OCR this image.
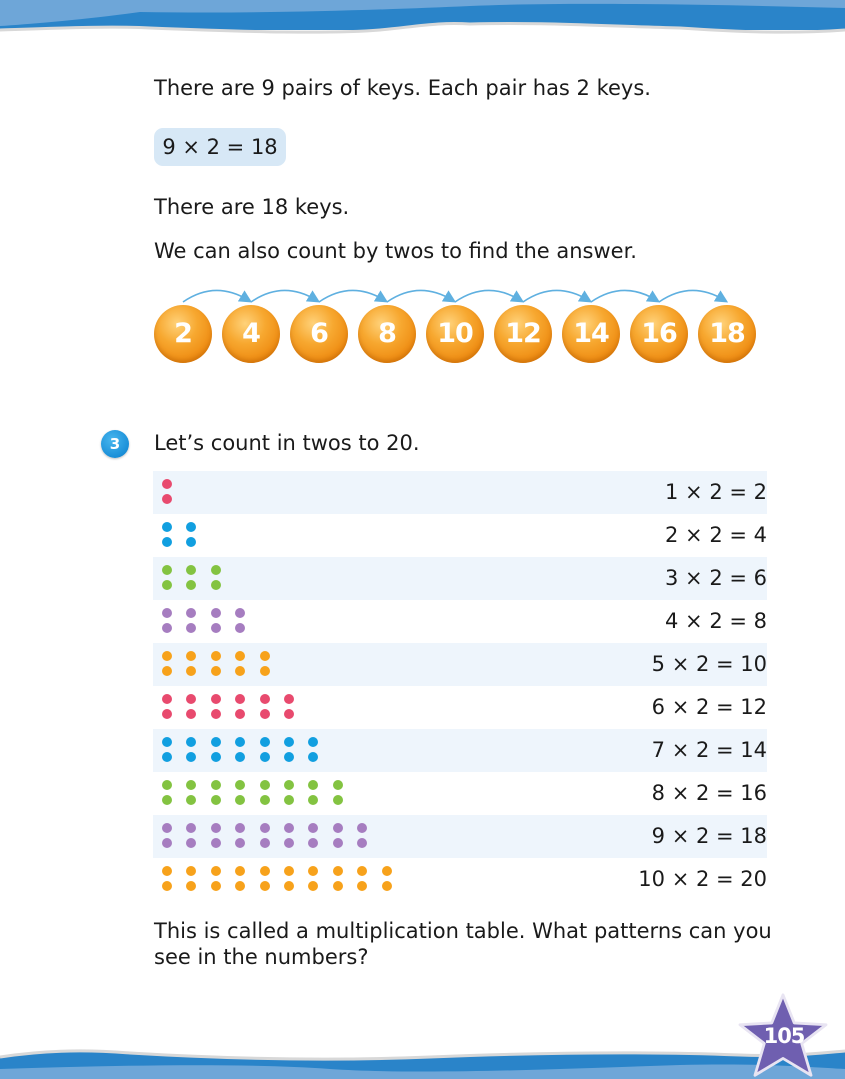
There are 9 pairs of keys. Each pair has 2 keys.
9 × 2 = 18
There are 18 keys.
We can also count by twos to find the answer.
2	4	6	8	10	12	14	16	18
3	Let’s count in twos to 20.
1 × 2 = 2
2 × 2 = 4
3 × 2 = 6
4 × 2 = 8
5 × 2 = 10
6 × 2 = 12
7 × 2 = 14
8 × 2 = 16
9 × 2 = 18
10 × 2 = 20
This is called a multiplication table. What patterns can you
see in the numbers?
105
